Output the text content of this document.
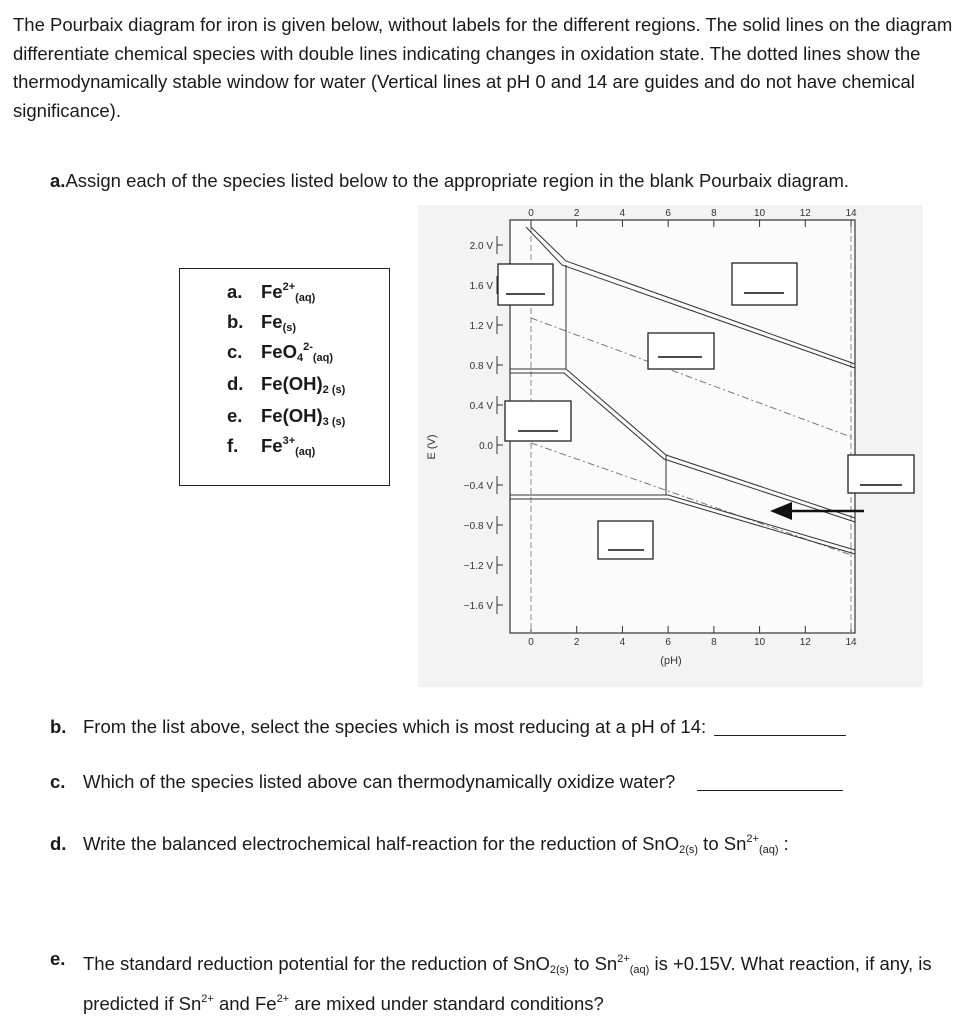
The Pourbaix diagram for iron is given below, without labels for the different regions. The solid lines on the diagram differentiate chemical species with double lines indicating changes in oxidation state. The dotted lines show the thermodynamically stable window for water (Vertical lines at pH 0 and 14 are guides and do not have chemical significance).
a.Assign each of the species listed below to the appropriate region in the blank Pourbaix diagram.
a. $Fe^{2+}_{(aq)}$
b. $Fe_{(s)}$
c. FeO$_4^{2-}_{(aq)}$
d. $Fe(OH)_2$ $_{(s)}$
e. $Fe(OH)_3$ $_{(s)}$
f. $Fe^{3+}_{(aq)}$
0	2	4	6	8	10	12	14
0	2	4	6	8	10	12	14
2.0 V
1.6 V
1.2 V
0.8 V
0.4 V
0.0
−0.4 V
−0.8 V
−1.2 V
−1.6 V
E (V)
(pH)
b. From the list above, select the species which is most reducing at a pH of 14:
c. Which of the species listed above can thermodynamically oxidize water?
d. Write the balanced electrochemical half-reaction for the reduction of SnO$_{2(s)}$ to $Sn^{2+}_{(aq)}$ :
e. The standard reduction potential for the reduction of SnO$_{2(s)}$ to $Sn^{2+}_{(aq)}$ is +0.15V. What reaction, if any, is predicted if $Sn^{2+}$ and $Fe^{2+}$ are mixed under standard conditions?
